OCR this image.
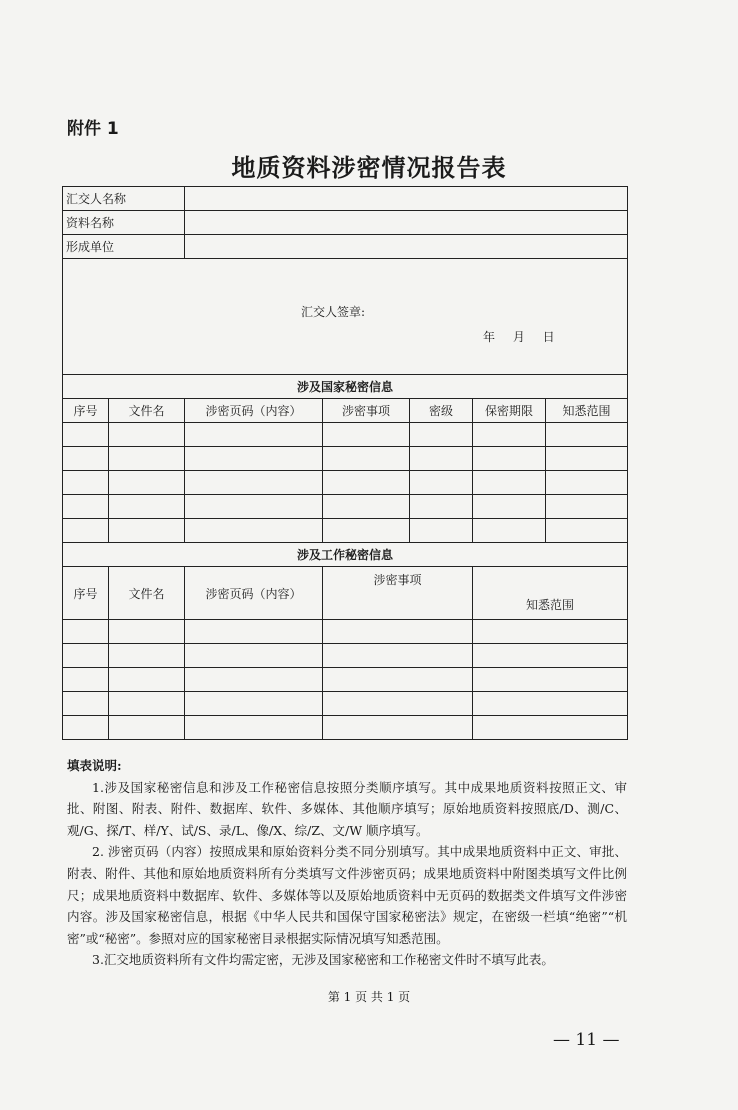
附件 1
地质资料涉密情况报告表
汇交人名称						
资料名称						
形成单位						

汇交人签章:
年 月 日						

涉及国家秘密信息						
序号	文件名	涉密页码（内容）	涉密事项	密级	保密期限	知悉范围

涉及工作秘密信息						
序号	文件名	涉密页码（内容）	涉密事项		知悉范围	

填表说明:
1.涉及国家秘密信息和涉及工作秘密信息按照分类顺序填写。其中成果地质资料按照正文、审批、附图、附表、附件、数据库、软件、多媒体、其他顺序填写；原始地质资料按照底/D、测/C、观/G、探/T、样/Y、试/S、录/L、像/X、综/Z、文/W 顺序填写。
2. 涉密页码（内容）按照成果和原始资料分类不同分别填写。其中成果地质资料中正文、审批、附表、附件、其他和原始地质资料所有分类填写文件涉密页码；成果地质资料中附图类填写文件比例尺；成果地质资料中数据库、软件、多媒体等以及原始地质资料中无页码的数据类文件填写文件涉密内容。涉及国家秘密信息，根据《中华人民共和国保守国家秘密法》规定，在密级一栏填“绝密”“机密”或“秘密”。参照对应的国家秘密目录根据实际情况填写知悉范围。
3.汇交地质资料所有文件均需定密，无涉及国家秘密和工作秘密文件时不填写此表。
第 1 页 共 1 页
— 11 —
